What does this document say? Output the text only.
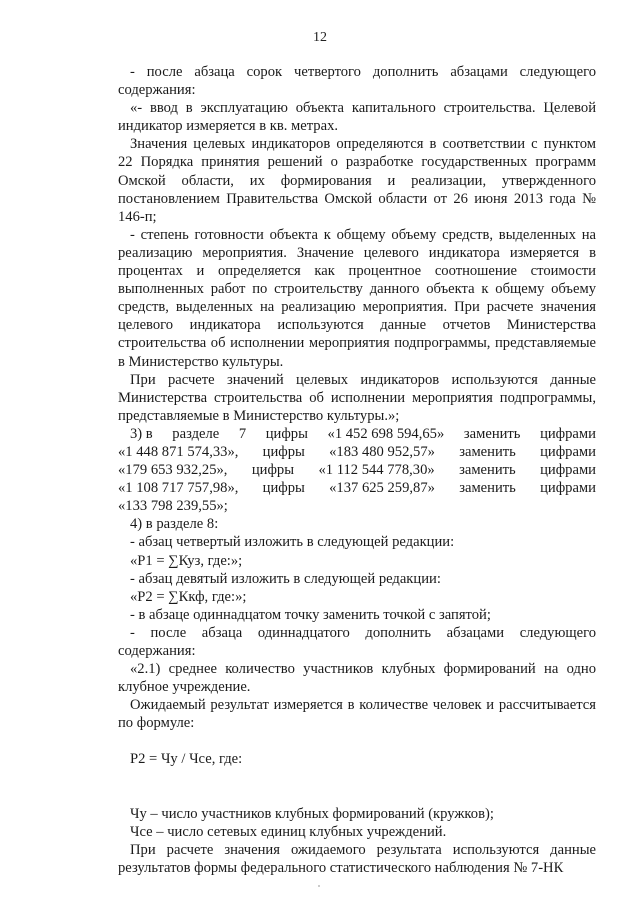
12

- после абзаца сорок четвертого дополнить абзацами следующего содержания:

«- ввод в эксплуатацию объекта капитального строительства. Целевой индикатор измеряется в кв. метрах.

Значения целевых индикаторов определяются в соответствии с пунктом 22 Порядка принятия решений о разработке государственных программ Омской области, их формирования и реализации, утвержденного постановлением Правительства Омской области от 26 июня 2013 года № 146-п;

- степень готовности объекта к общему объему средств, выделенных на реализацию мероприятия. Значение целевого индикатора измеряется в процентах и определяется как процентное соотношение стоимости выполненных работ по строительству данного объекта к общему объему средств, выделенных на реализацию мероприятия. При расчете значения целевого индикатора используются данные отчетов Министерства строительства об исполнении мероприятия подпрограммы, представляемые в Министерство культуры.

При расчете значений целевых индикаторов используются данные Министерства строительства об исполнении мероприятия подпрограммы, представляемые в Министерство культуры.»;

3) в разделе 7 цифры «1 452 698 594,65» заменить цифрами
«1 448 871 574,33», цифры «183 480 952,57» заменить цифрами
«179 653 932,25», цифры «1 112 544 778,30» заменить цифрами
«1 108 717 757,98», цифры «137 625 259,87» заменить цифрами

«133 798 239,55»;

4) в разделе 8:

- абзац четвертый изложить в следующей редакции:

«Р1 = ∑Куз, где:»;

- абзац девятый изложить в следующей редакции:

«Р2 = ∑Ккф, где:»;

- в абзаце одиннадцатом точку заменить точкой с запятой;

- после абзаца одиннадцатого дополнить абзацами следующего содержания:

«2.1) среднее количество участников клубных формирований на одно клубное учреждение.

Ожидаемый результат измеряется в количестве человек и рассчитывается по формуле:

Р2 = Чу / Чсе, где:

Чу – число участников клубных формирований (кружков);

Чсе – число сетевых единиц клубных учреждений.

При расчете значения ожидаемого результата используются данные результатов формы федерального статистического наблюдения № 7-НК
